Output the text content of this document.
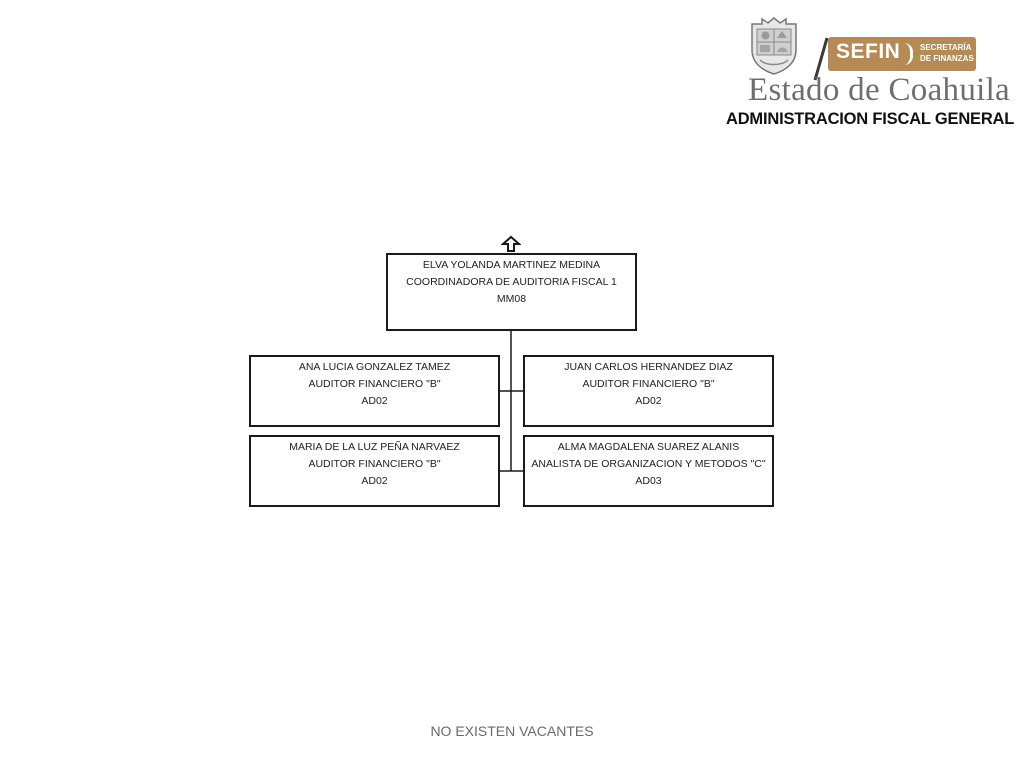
SEFIN SECRETARÍA DE FINANZAS
Estado de Coahuila
ADMINISTRACION FISCAL GENERAL
ELVA YOLANDA MARTINEZ MEDINA
COORDINADORA DE AUDITORIA FISCAL 1
MM08
ANA LUCIA GONZALEZ TAMEZ
AUDITOR FINANCIERO "B"
AD02
JUAN CARLOS HERNANDEZ DIAZ
AUDITOR FINANCIERO "B"
AD02
MARIA DE LA LUZ PEÑA NARVAEZ
AUDITOR FINANCIERO "B"
AD02
ALMA MAGDALENA SUAREZ ALANIS
ANALISTA DE ORGANIZACION Y METODOS "C"
AD03
NO EXISTEN VACANTES
